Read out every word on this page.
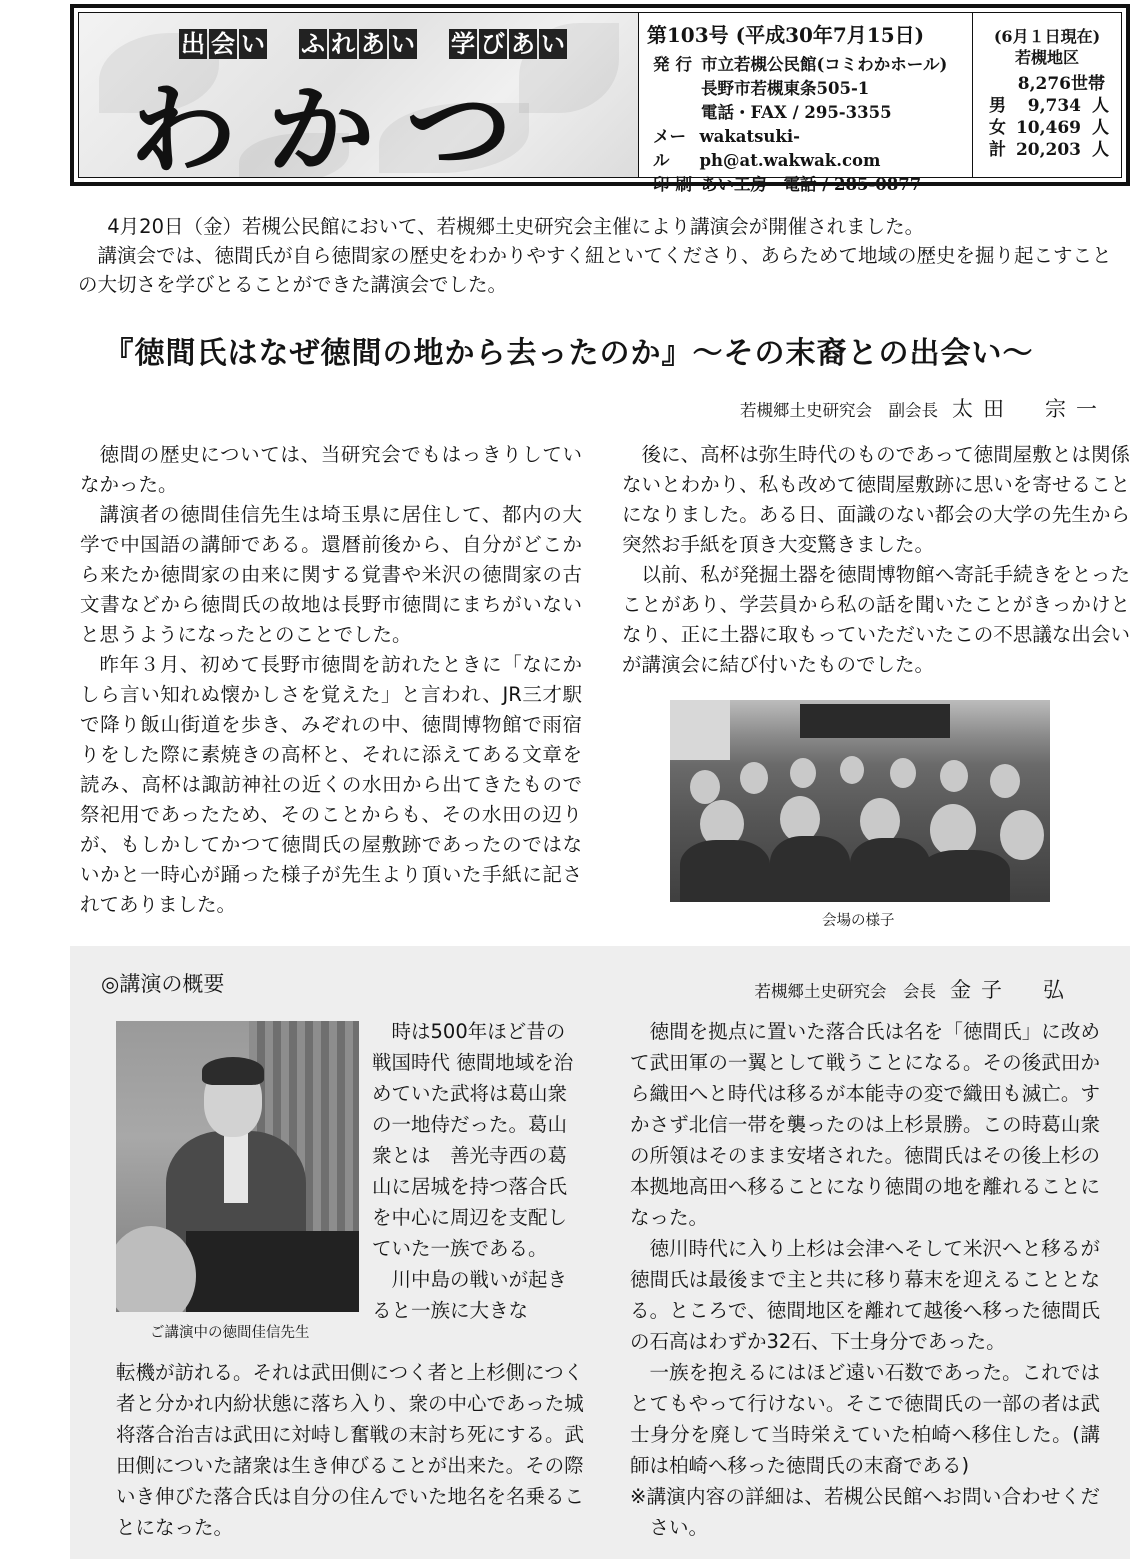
出 会 い ふ れ あ い 学 び あ い
わかつ
第103号 (平成30年7月15日)
発行 市立若槻公民館(コミわかホール)
長野市若槻東条505-1
電話・FAX / 295-3355
メール
wakatsuki-ph@at.wakwak.com
印刷 あい工房　電話 / 285-0877
(6月１日現在)
若槻地区
8,276世帯
男	9,734 人
女 10,469 人
計 20,203 人

4月20日（金）若槻公民館において、若槻郷土史研究会主催により講演会が開催されました。

講演会では、徳間氏が自ら徳間家の歴史をわかりやすく紐といてくださり、あらためて地域の歴史を掘り起こすことの大切さを学びとることができた講演会でした。

『徳間氏はなぜ徳間の地から去ったのか』～その末裔との出会い～
若槻郷土史研究会　副会長 太田　宗一

徳間の歴史については、当研究会でもはっきりしていなかった。

講演者の徳間佳信先生は埼玉県に居住して、都内の大学で中国語の講師である。還暦前後から、自分がどこから来たか徳間家の由来に関する覚書や米沢の徳間家の古文書などから徳間氏の故地は長野市徳間にまちがいないと思うようになったとのことでした。

昨年３月、初めて長野市徳間を訪れたときに「なにかしら言い知れぬ懐かしさを覚えた」と言われ、JR三才駅で降り飯山街道を歩き、みぞれの中、徳間博物館で雨宿りをした際に素焼きの高杯と、それに添えてある文章を読み、高杯は諏訪神社の近くの水田から出てきたもので祭祀用であったため、そのことからも、その水田の辺りが、もしかしてかつて徳間氏の屋敷跡であったのではないかと一時心が踊った様子が先生より頂いた手紙に記されてありました。

後に、高杯は弥生時代のものであって徳間屋敷とは関係ないとわかり、私も改めて徳間屋敷跡に思いを寄せることになりました。ある日、面識のない都会の大学の先生から突然お手紙を頂き大変驚きました。

以前、私が発掘土器を徳間博物館へ寄託手続きをとったことがあり、学芸員から私の話を聞いたことがきっかけとなり、正に土器に取もっていただいたこの不思議な出会いが講演会に結び付いたものでした。

会場の様子
◎講演の概要	若槻郷土史研究会　会長 金子　弘
ご講演中の徳間佳信先生

時は500年ほど昔の戦国時代 徳間地域を治めていた武将は葛山衆の一地侍だった。葛山衆とは　善光寺西の葛山に居城を持つ落合氏を中心に周辺を支配していた一族である。

川中島の戦いが起きると一族に大きな

転機が訪れる。それは武田側につく者と上杉側につく者と分かれ内紛状態に落ち入り、衆の中心であった城将落合治吉は武田に対峙し奮戦の末討ち死にする。武田側についた諸衆は生き伸びることが出来た。その際いき伸びた落合氏は自分の住んでいた地名を名乗ることになった。

徳間を拠点に置いた落合氏は名を「徳間氏」に改めて武田軍の一翼として戦うことになる。その後武田から織田へと時代は移るが本能寺の変で織田も滅亡。すかさず北信一帯を襲ったのは上杉景勝。この時葛山衆の所領はそのまま安堵された。徳間氏はその後上杉の本拠地高田へ移ることになり徳間の地を離れることになった。

徳川時代に入り上杉は会津へそして米沢へと移るが徳間氏は最後まで主と共に移り幕末を迎えることとなる。ところで、徳間地区を離れて越後へ移った徳間氏の石高はわずか32石、下士身分であった。

一族を抱えるにはほど遠い石数であった。これではとてもやって行けない。そこで徳間氏の一部の者は武士身分を廃して当時栄えていた柏崎へ移住した。(講師は柏崎へ移った徳間氏の末裔である)

※講演内容の詳細は、若槻公民館へお問い合わせください。
